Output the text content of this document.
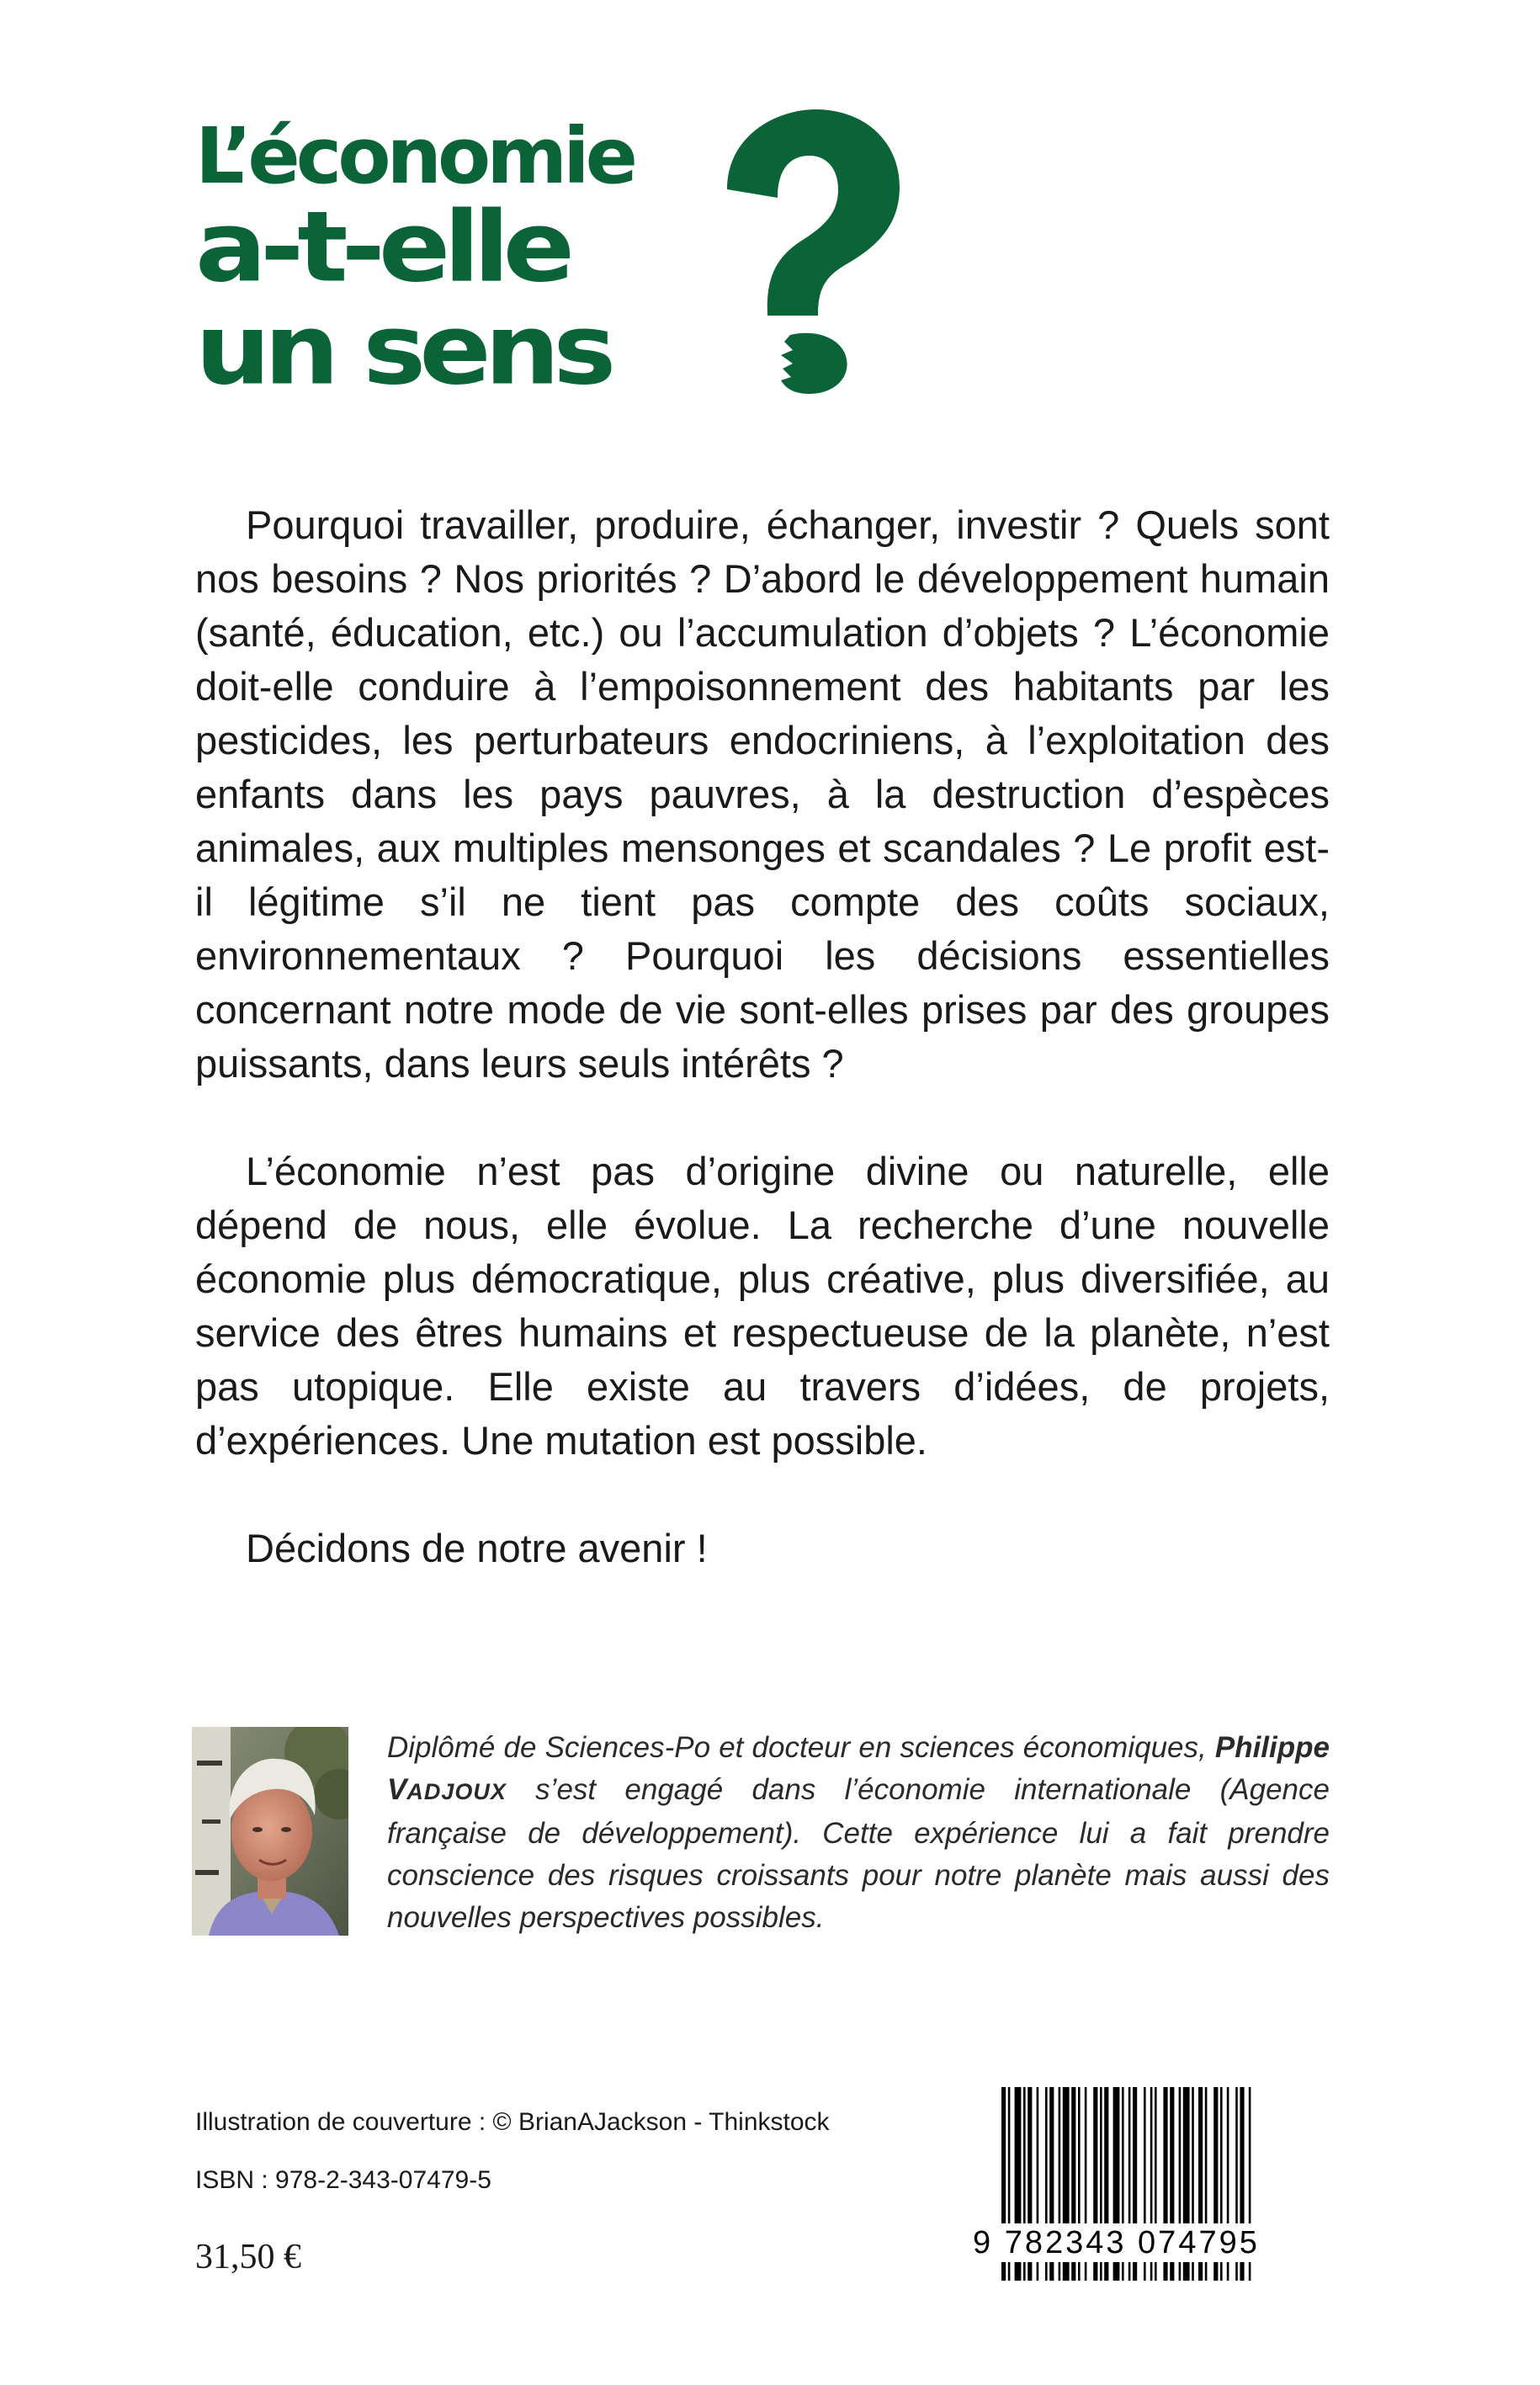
L’économie
a-t-elle
un sens

Pourquoi travailler, produire, échanger, investir ? Quels sont nos besoins ? Nos priorités ? D’abord le développement humain (santé, éducation, etc.) ou l’accumulation d’objets ? L’économie doit-elle conduire à l’empoisonnement des habitants par les pesticides, les perturbateurs endocriniens, à l’exploitation des enfants dans les pays pauvres, à la destruction d’espèces animales, aux multiples mensonges et scandales ? Le profit est-il légitime s’il ne tient pas compte des coûts sociaux, environnementaux ? Pourquoi les décisions essentielles concernant notre mode de vie sont-elles prises par des groupes puissants, dans leurs seuls intérêts ?

L’économie n’est pas d’origine divine ou naturelle, elle dépend de nous, elle évolue. La recherche d’une nouvelle économie plus démocratique, plus créative, plus diversifiée, au service des êtres humains et respectueuse de la planète, n’est pas utopique. Elle existe au travers d’idées, de projets, d’expériences. Une mutation est possible.

Décidons de notre avenir !

Diplômé de Sciences-Po et docteur en sciences économiques, Philippe VADJOUX s’est engagé dans l’économie internationale (Agence française de développement). Cette expérience lui a fait prendre conscience des risques croissants pour notre planète mais aussi des nouvelles perspectives possibles.

Illustration de couverture : © BrianAJackson - Thinkstock

ISBN : 978-2-343-07479-5

31,50 €	9 782343 074795
